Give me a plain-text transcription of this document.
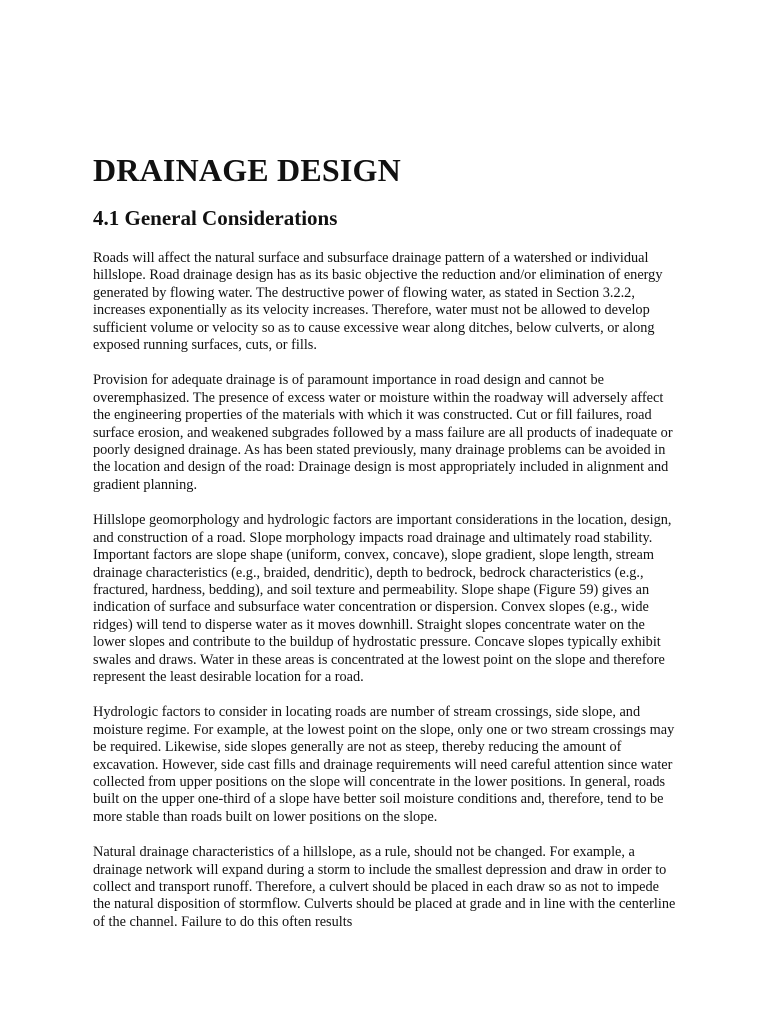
DRAINAGE DESIGN
4.1 General Considerations

Roads will affect the natural surface and subsurface drainage pattern of a watershed or individual hillslope. Road drainage design has as its basic objective the reduction and/or elimination of energy generated by flowing water. The destructive power of flowing water, as stated in Section 3.2.2, increases exponentially as its velocity increases. Therefore, water must not be allowed to develop sufficient volume or velocity so as to cause excessive wear along ditches, below culverts, or along exposed running surfaces, cuts, or fills.

Provision for adequate drainage is of paramount importance in road design and cannot be overemphasized. The presence of excess water or moisture within the roadway will adversely affect the engineering properties of the materials with which it was constructed. Cut or fill failures, road surface erosion, and weakened subgrades followed by a mass failure are all products of inadequate or poorly designed drainage. As has been stated previously, many drainage problems can be avoided in the location and design of the road: Drainage design is most appropriately included in alignment and gradient planning.

Hillslope geomorphology and hydrologic factors are important considerations in the location, design, and construction of a road. Slope morphology impacts road drainage and ultimately road stability. Important factors are slope shape (uniform, convex, concave), slope gradient, slope length, stream drainage characteristics (e.g., braided, dendritic), depth to bedrock, bedrock characteristics (e.g., fractured, hardness, bedding), and soil texture and permeability. Slope shape (Figure 59) gives an indication of surface and subsurface water concentration or dispersion. Convex slopes (e.g., wide ridges) will tend to disperse water as it moves downhill. Straight slopes concentrate water on the lower slopes and contribute to the buildup of hydrostatic pressure. Concave slopes typically exhibit swales and draws. Water in these areas is concentrated at the lowest point on the slope and therefore represent the least desirable location for a road.

Hydrologic factors to consider in locating roads are number of stream crossings, side slope, and moisture regime. For example, at the lowest point on the slope, only one or two stream crossings may be required. Likewise, side slopes generally are not as steep, thereby reducing the amount of excavation. However, side cast fills and drainage requirements will need careful attention since water collected from upper positions on the slope will concentrate in the lower positions. In general, roads built on the upper one-third of a slope have better soil moisture conditions and, therefore, tend to be more stable than roads built on lower positions on the slope.

Natural drainage characteristics of a hillslope, as a rule, should not be changed. For example, a drainage network will expand during a storm to include the smallest depression and draw in order to collect and transport runoff. Therefore, a culvert should be placed in each draw so as not to impede the natural disposition of stormflow. Culverts should be placed at grade and in line with the centerline of the channel. Failure to do this often results
